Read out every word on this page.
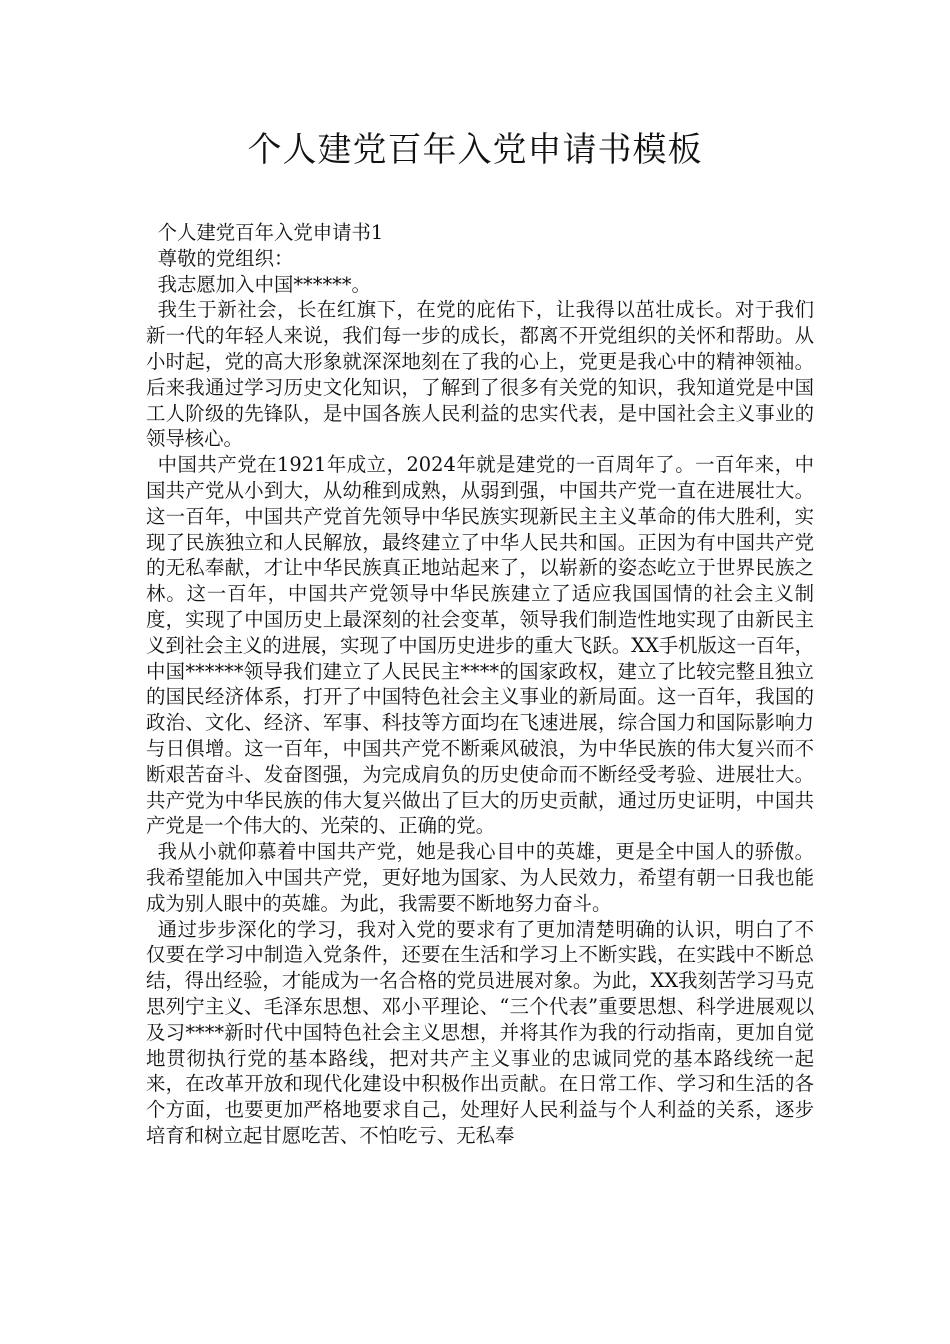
个人建党百年入党申请书模板

个人建党百年入党申请书1

尊敬的党组织：

我志愿加入中国******。

我生于新社会，长在红旗下，在党的庇佑下，让我得以茁壮成长。对于我们新一代的年轻人来说，我们每一步的成长，都离不开党组织的关怀和帮助。从小时起，党的高大形象就深深地刻在了我的心上，党更是我心中的精神领袖。后来我通过学习历史文化知识，了解到了很多有关党的知识，我知道党是中国工人阶级的先锋队，是中国各族人民利益的忠实代表，是中国社会主义事业的领导核心。

中国共产党在1921年成立，2024年就是建党的一百周年了。一百年来，中国共产党从小到大，从幼稚到成熟，从弱到强，中国共产党一直在进展壮大。这一百年，中国共产党首先领导中华民族实现新民主主义革命的伟大胜利，实现了民族独立和人民解放，最终建立了中华人民共和国。正因为有中国共产党的无私奉献，才让中华民族真正地站起来了，以崭新的姿态屹立于世界民族之林。这一百年，中国共产党领导中华民族建立了适应我国国情的社会主义制度，实现了中国历史上最深刻的社会变革，领导我们制造性地实现了由新民主义到社会主义的进展，实现了中国历史进步的重大飞跃。XX手机版这一百年，中国******领导我们建立了人民民主****的国家政权，建立了比较完整且独立的国民经济体系，打开了中国特色社会主义事业的新局面。这一百年，我国的政治、文化、经济、军事、科技等方面均在飞速进展，综合国力和国际影响力与日俱增。这一百年，中国共产党不断乘风破浪，为中华民族的伟大复兴而不断艰苦奋斗、发奋图强，为完成肩负的历史使命而不断经受考验、进展壮大。共产党为中华民族的伟大复兴做出了巨大的历史贡献，通过历史证明，中国共产党是一个伟大的、光荣的、正确的党。

我从小就仰慕着中国共产党，她是我心目中的英雄，更是全中国人的骄傲。我希望能加入中国共产党，更好地为国家、为人民效力，希望有朝一日我也能成为别人眼中的英雄。为此，我需要不断地努力奋斗。

通过步步深化的学习，我对入党的要求有了更加清楚明确的认识，明白了不仅要在学习中制造入党条件，还要在生活和学习上不断实践，在实践中不断总结，得出经验，才能成为一名合格的党员进展对象。为此，XX我刻苦学习马克思列宁主义、毛泽东思想、邓小平理论、“三个代表”重要思想、科学进展观以及习****新时代中国特色社会主义思想，并将其作为我的行动指南，更加自觉地贯彻执行党的基本路线，把对共产主义事业的忠诚同党的基本路线统一起来，在改革开放和现代化建设中积极作出贡献。在日常工作、学习和生活的各个方面，也要更加严格地要求自己，处理好人民利益与个人利益的关系，逐步培育和树立起甘愿吃苦、不怕吃亏、无私奉
